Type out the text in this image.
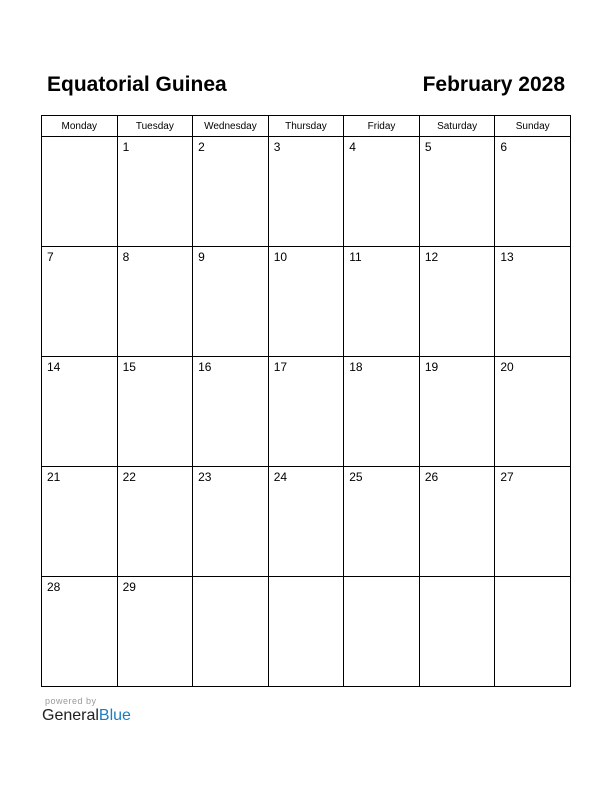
Equatorial Guinea	February 2028
Monday	Tuesday	Wednesday	Thursday	Friday	Saturday	Sunday

	1	2	3	4	5	6

7	8	9	10	11	12	13

14	15	16	17	18	19	20

21	22	23	24	25	26	27

28	29					

powered by
GeneralBlue
